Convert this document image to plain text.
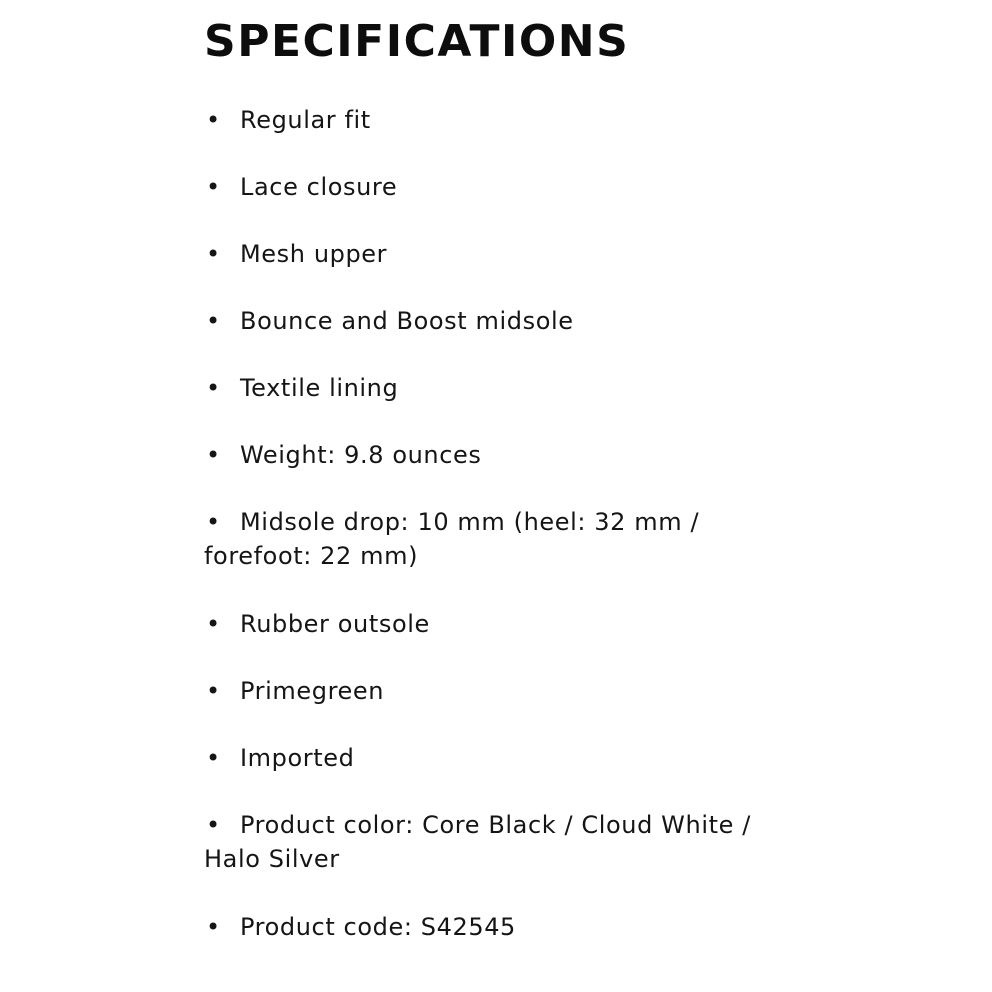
SPECIFICATIONS
• Regular fit
• Lace closure
• Mesh upper
• Bounce and Boost midsole
• Textile lining
• Weight: 9.8 ounces
• Midsole drop: 10 mm (heel: 32 mm / forefoot: 22 mm)
• Rubber outsole
• Primegreen
• Imported
• Product color: Core Black / Cloud White / Halo Silver
• Product code: S42545
